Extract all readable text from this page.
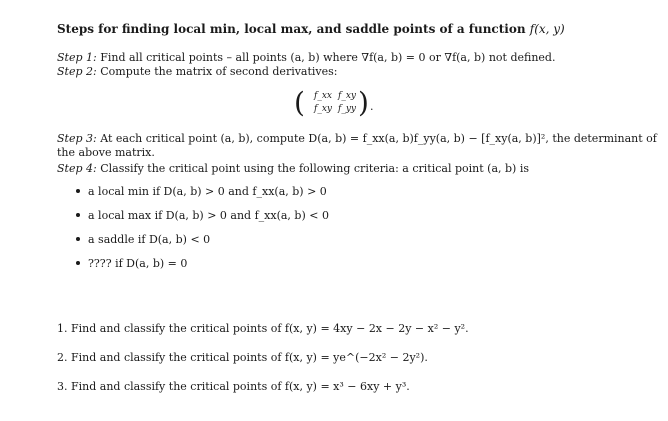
Steps for finding local min, local max, and saddle points of a function f(x, y)
Step 1: Find all critical points – all points (a, b) where ∇f(a, b) = 0 or ∇f(a, b) not defined.
Step 2: Compute the matrix of second derivatives:
( f_xx f_xy
f_xy f_yy ) .
Step 3: At each critical point (a, b), compute D(a, b) = f_xx(a, b)f_yy(a, b) − [f_xy(a, b)]², the determinant of
the above matrix.
Step 4: Classify the critical point using the following criteria: a critical point (a, b) is
a local min if D(a, b) > 0 and f_xx(a, b) > 0
a local max if D(a, b) > 0 and f_xx(a, b) < 0
a saddle if D(a, b) < 0
???? if D(a, b) = 0
1. Find and classify the critical points of f(x, y) = 4xy − 2x − 2y − x² − y².
2. Find and classify the critical points of f(x, y) = ye^(−2x² − 2y²).
3. Find and classify the critical points of f(x, y) = x³ − 6xy + y³.
